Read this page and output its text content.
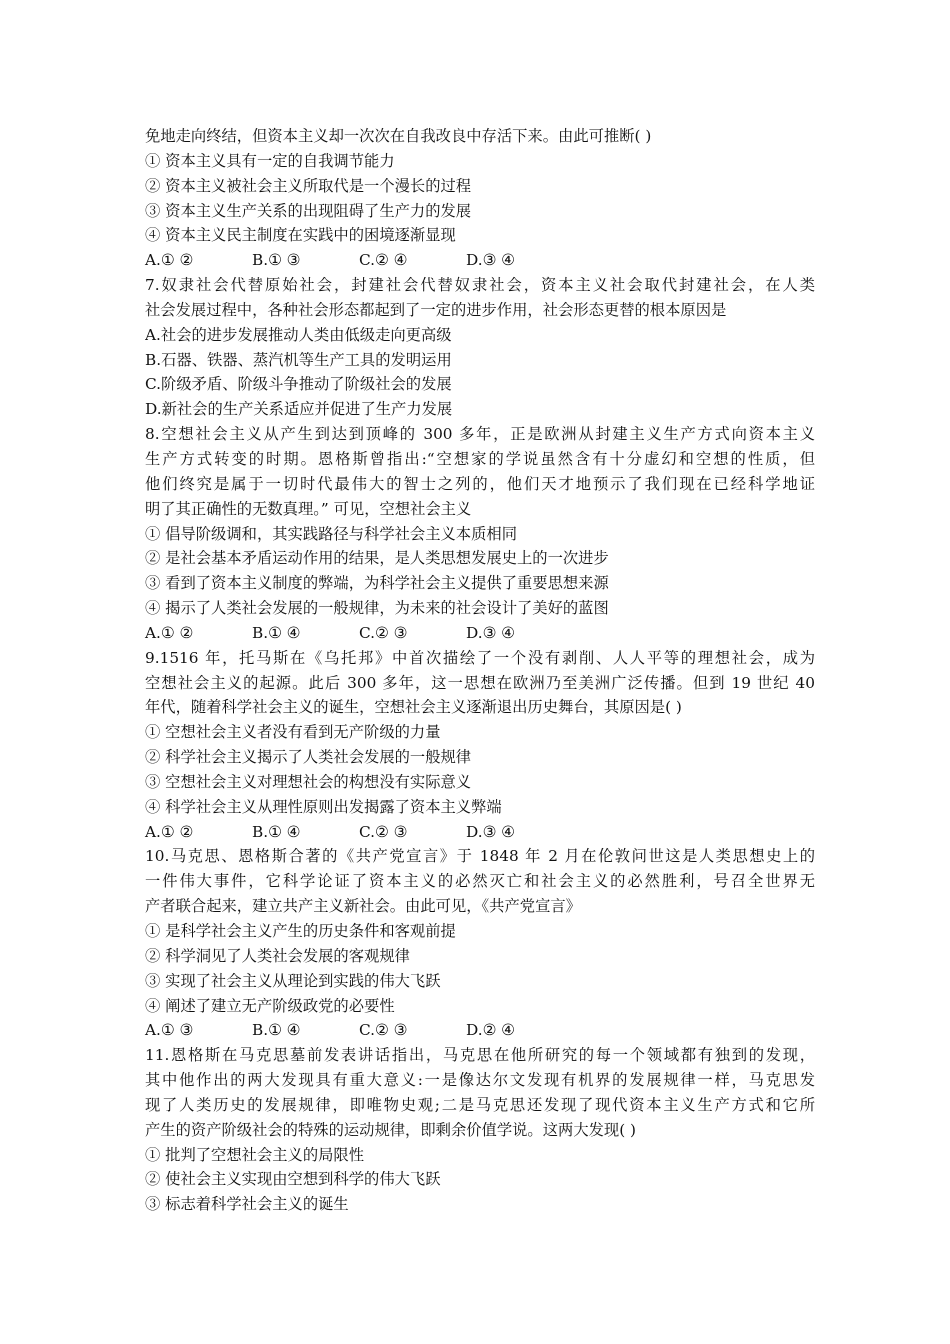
免地走向终结，但资本主义却一次次在自我改良中存活下来。由此可推断( )
① 资本主义具有一定的自我调节能力
② 资本主义被社会主义所取代是一个漫长的过程
③ 资本主义生产关系的出现阻碍了生产力的发展
④ 资本主义民主制度在实践中的困境逐渐显现
A.① ②	B.① ③	C.② ④	D.③ ④
7.奴隶社会代替原始社会，封建社会代替奴隶社会，资本主义社会取代封建社会，在人类
社会发展过程中，各种社会形态都起到了一定的进步作用，社会形态更替的根本原因是
A.社会的进步发展推动人类由低级走向更高级
B.石器、铁器、蒸汽机等生产工具的发明运用
C.阶级矛盾、阶级斗争推动了阶级社会的发展
D.新社会的生产关系适应并促进了生产力发展
8.空想社会主义从产生到达到顶峰的 300 多年，正是欧洲从封建主义生产方式向资本主义
生产方式转变的时期。恩格斯曾指出:“空想家的学说虽然含有十分虚幻和空想的性质，但
他们终究是属于一切时代最伟大的智士之列的，他们天才地预示了我们现在已经科学地证
明了其正确性的无数真理。” 可见，空想社会主义
① 倡导阶级调和，其实践路径与科学社会主义本质相同
② 是社会基本矛盾运动作用的结果，是人类思想发展史上的一次进步
③ 看到了资本主义制度的弊端，为科学社会主义提供了重要思想来源
④ 揭示了人类社会发展的一般规律，为未来的社会设计了美好的蓝图
A.① ②	B.① ④	C.② ③	D.③ ④
9.1516 年，托马斯在《乌托邦》中首次描绘了一个没有剥削、人人平等的理想社会，成为
空想社会主义的起源。此后 300 多年，这一思想在欧洲乃至美洲广泛传播。但到 19 世纪 40
年代，随着科学社会主义的诞生，空想社会主义逐渐退出历史舞台，其原因是( )
① 空想社会主义者没有看到无产阶级的力量
② 科学社会主义揭示了人类社会发展的一般规律
③ 空想社会主义对理想社会的构想没有实际意义
④ 科学社会主义从理性原则出发揭露了资本主义弊端
A.① ②	B.① ④	C.② ③	D.③ ④
10.马克思、恩格斯合著的《共产党宣言》于 1848 年 2 月在伦敦问世这是人类思想史上的
一件伟大事件，它科学论证了资本主义的必然灭亡和社会主义的必然胜利，号召全世界无
产者联合起来，建立共产主义新社会。由此可见，《共产党宣言》
① 是科学社会主义产生的历史条件和客观前提
② 科学洞见了人类社会发展的客观规律
③ 实现了社会主义从理论到实践的伟大飞跃
④ 阐述了建立无产阶级政党的必要性
A.① ③	B.① ④	C.② ③	D.② ④
11.恩格斯在马克思墓前发表讲话指出，马克思在他所研究的每一个领域都有独到的发现，
其中他作出的两大发现具有重大意义:一是像达尔文发现有机界的发展规律一样，马克思发
现了人类历史的发展规律，即唯物史观;二是马克思还发现了现代资本主义生产方式和它所
产生的资产阶级社会的特殊的运动规律，即剩余价值学说。这两大发现( )
① 批判了空想社会主义的局限性
② 使社会主义实现由空想到科学的伟大飞跃
③ 标志着科学社会主义的诞生
